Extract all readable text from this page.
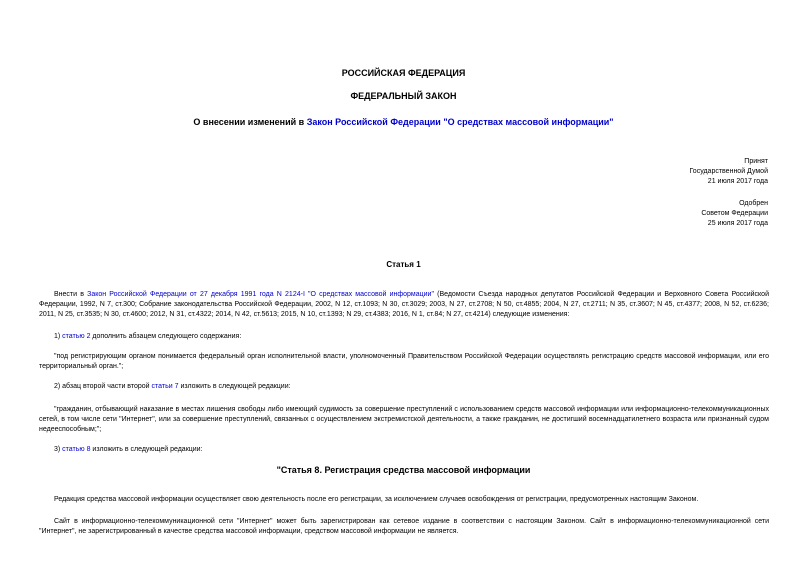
РОССИЙСКАЯ ФЕДЕРАЦИЯ
ФЕДЕРАЛЬНЫЙ ЗАКОН
О внесении изменений в Закон Российской Федерации "О средствах массовой информации"
Принят
Государственной Думой
21 июля 2017 года
Одобрен
Советом Федерации
25 июля 2017 года
Статья 1
Внести в Закон Российской Федерации от 27 декабря 1991 года N 2124-I "О средствах массовой информации" (Ведомости Съезда народных депутатов Российской Федерации и Верховного Совета Российской Федерации, 1992, N 7, ст.300; Собрание законодательства Российской Федерации, 2002, N 12, ст.1093; N 30, ст.3029; 2003, N 27, ст.2708; N 50, ст.4855; 2004, N 27, ст.2711; N 35, ст.3607; N 45, ст.4377; 2008, N 52, ст.6236; 2011, N 25, ст.3535; N 30, ст.4600; 2012, N 31, ст.4322; 2014, N 42, ст.5613; 2015, N 10, ст.1393; N 29, ст.4383; 2016, N 1, ст.84; N 27, ст.4214) следующие изменения:
1) статью 2 дополнить абзацем следующего содержания:
"под регистрирующим органом понимается федеральный орган исполнительной власти, уполномоченный Правительством Российской Федерации осуществлять регистрацию средств массовой информации, или его территориальный орган.";
2) абзац второй части второй статьи 7 изложить в следующей редакции:
"гражданин, отбывающий наказание в местах лишения свободы либо имеющий судимость за совершение преступлений с использованием средств массовой информации или информационно-телекоммуникационных сетей, в том числе сети "Интернет", или за совершение преступлений, связанных с осуществлением экстремистской деятельности, а также гражданин, не достигший восемнадцатилетнего возраста или признанный судом недееспособным;";
3) статью 8 изложить в следующей редакции:
"Статья 8. Регистрация средства массовой информации
Редакция средства массовой информации осуществляет свою деятельность после его регистрации, за исключением случаев освобождения от регистрации, предусмотренных настоящим Законом.
Сайт в информационно-телекоммуникационной сети "Интернет" может быть зарегистрирован как сетевое издание в соответствии с настоящим Законом. Сайт в информационно-телекоммуникационной сети "Интернет", не зарегистрированный в качестве средства массовой информации, средством массовой информации не является.
